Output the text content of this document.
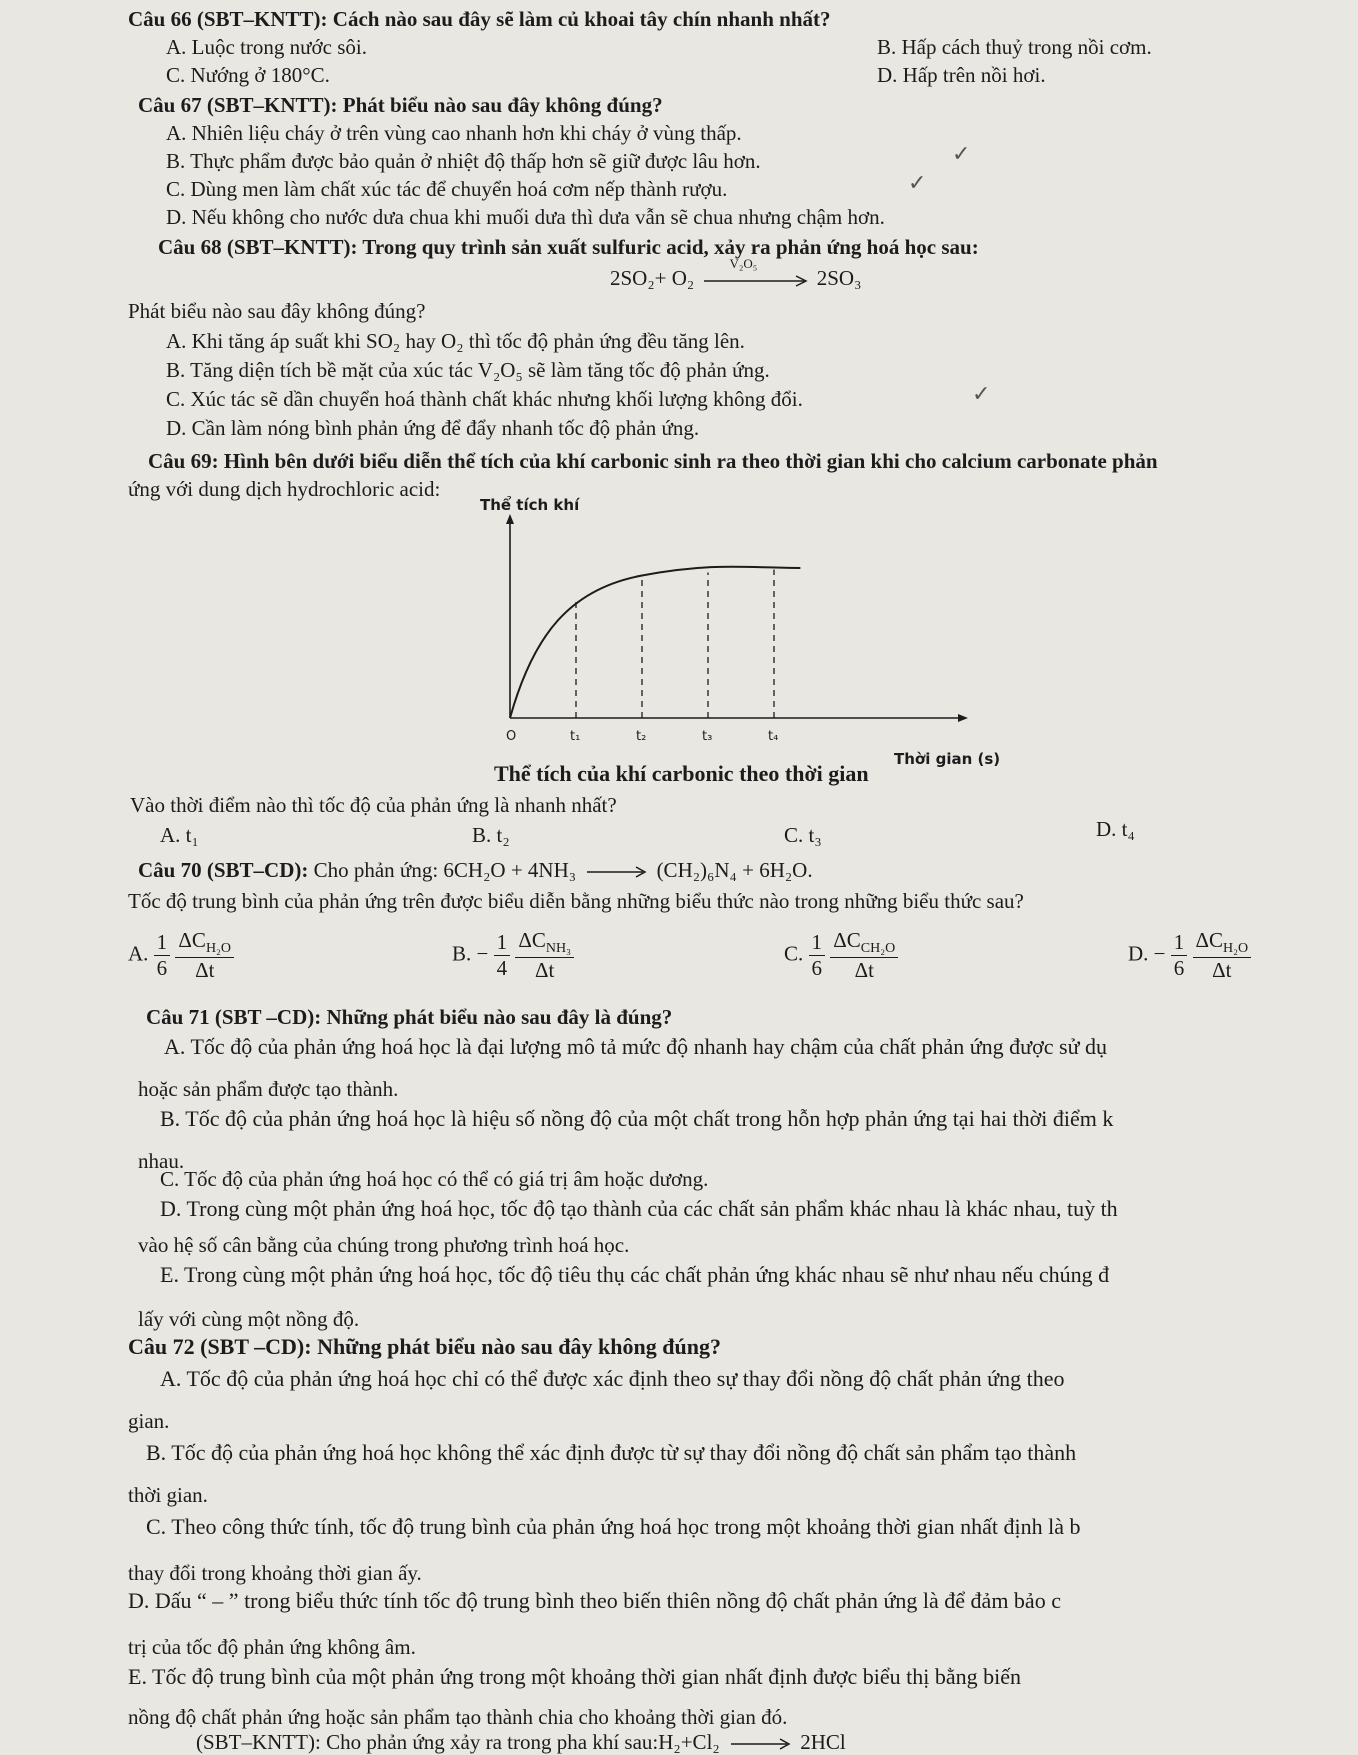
Câu 66 (SBT–KNTT): Cách nào sau đây sẽ làm củ khoai tây chín nhanh nhất?
A. Luộc trong nước sôi.	B. Hấp cách thuỷ trong nồi cơm.
C. Nướng ở 180°C.	D. Hấp trên nồi hơi.
Câu 67 (SBT–KNTT): Phát biểu nào sau đây không đúng?
A. Nhiên liệu cháy ở trên vùng cao nhanh hơn khi cháy ở vùng thấp.
B. Thực phẩm được bảo quản ở nhiệt độ thấp hơn sẽ giữ được lâu hơn.
C. Dùng men làm chất xúc tác để chuyển hoá cơm nếp thành rượu.
D. Nếu không cho nước dưa chua khi muối dưa thì dưa vẫn sẽ chua nhưng chậm hơn.
✓
✓
Câu 68 (SBT–KNTT): Trong quy trình sản xuất sulfuric acid, xảy ra phản ứng hoá học sau:
2SO₂+ O₂
V₂O₅
2SO₃
Phát biểu nào sau đây không đúng?
A. Khi tăng áp suất khi SO₂ hay O₂ thì tốc độ phản ứng đều tăng lên.
B. Tăng diện tích bề mặt của xúc tác V₂O₅ sẽ làm tăng tốc độ phản ứng.
C. Xúc tác sẽ dần chuyển hoá thành chất khác nhưng khối lượng không đổi.
D. Cần làm nóng bình phản ứng để đẩy nhanh tốc độ phản ứng.
✓
Câu 69: Hình bên dưới biểu diễn thể tích của khí carbonic sinh ra theo thời gian khi cho calcium carbonate phản
ứng với dung dịch hydrochloric acid:
Thể tích khí
O
Thời gian (s)
t₁	t₂	t₃	t₄
Thể tích của khí carbonic theo thời gian
Vào thời điểm nào thì tốc độ của phản ứng là nhanh nhất?
A. t₁	B. t₂	C. t₃	D. t₄
Câu 70 (SBT–CD): Cho phản ứng: 6CH₂O + 4NH₃	(CH₂)₆N₄ + 6H₂O.
Tốc độ trung bình của phản ứng trên được biểu diễn bằng những biểu thức nào trong những biểu thức sau?
A. $\frac{1}{6}$
$\frac{\Delta C_{H_2O}}{\Delta t}$	B. − $\frac{1}{4}$
$\frac{\Delta C_{NH_3}}{\Delta t}$	C. $\frac{1}{6}$
$\frac{\Delta C_{CH_2O}}{\Delta t}$	D. − $\frac{1}{6}$
$\frac{\Delta C_{H_2O}}{\Delta t}$
Câu 71 (SBT –CD): Những phát biểu nào sau đây là đúng?
A. Tốc độ của phản ứng hoá học là đại lượng mô tả mức độ nhanh hay chậm của chất phản ứng được sử dụ
hoặc sản phẩm được tạo thành.
B. Tốc độ của phản ứng hoá học là hiệu số nồng độ của một chất trong hỗn hợp phản ứng tại hai thời điểm k
nhau.
C. Tốc độ của phản ứng hoá học có thể có giá trị âm hoặc dương.
D. Trong cùng một phản ứng hoá học, tốc độ tạo thành của các chất sản phẩm khác nhau là khác nhau, tuỳ th
vào hệ số cân bằng của chúng trong phương trình hoá học.
E. Trong cùng một phản ứng hoá học, tốc độ tiêu thụ các chất phản ứng khác nhau sẽ như nhau nếu chúng đ
lấy với cùng một nồng độ.
Câu 72 (SBT –CD): Những phát biểu nào sau đây không đúng?
A. Tốc độ của phản ứng hoá học chỉ có thể được xác định theo sự thay đổi nồng độ chất phản ứng theo
gian.
B. Tốc độ của phản ứng hoá học không thể xác định được từ sự thay đổi nồng độ chất sản phẩm tạo thành
thời gian.
C. Theo công thức tính, tốc độ trung bình của phản ứng hoá học trong một khoảng thời gian nhất định là b
thay đổi trong khoảng thời gian ấy.
D. Dấu “ – ” trong biểu thức tính tốc độ trung bình theo biến thiên nồng độ chất phản ứng là để đảm bảo c
trị của tốc độ phản ứng không âm.
E. Tốc độ trung bình của một phản ứng trong một khoảng thời gian nhất định được biểu thị bằng biến
nồng độ chất phản ứng hoặc sản phẩm tạo thành chia cho khoảng thời gian đó.
(SBT–KNTT): Cho phản ứng xảy ra trong pha khí sau:H₂+Cl₂	2HCl
